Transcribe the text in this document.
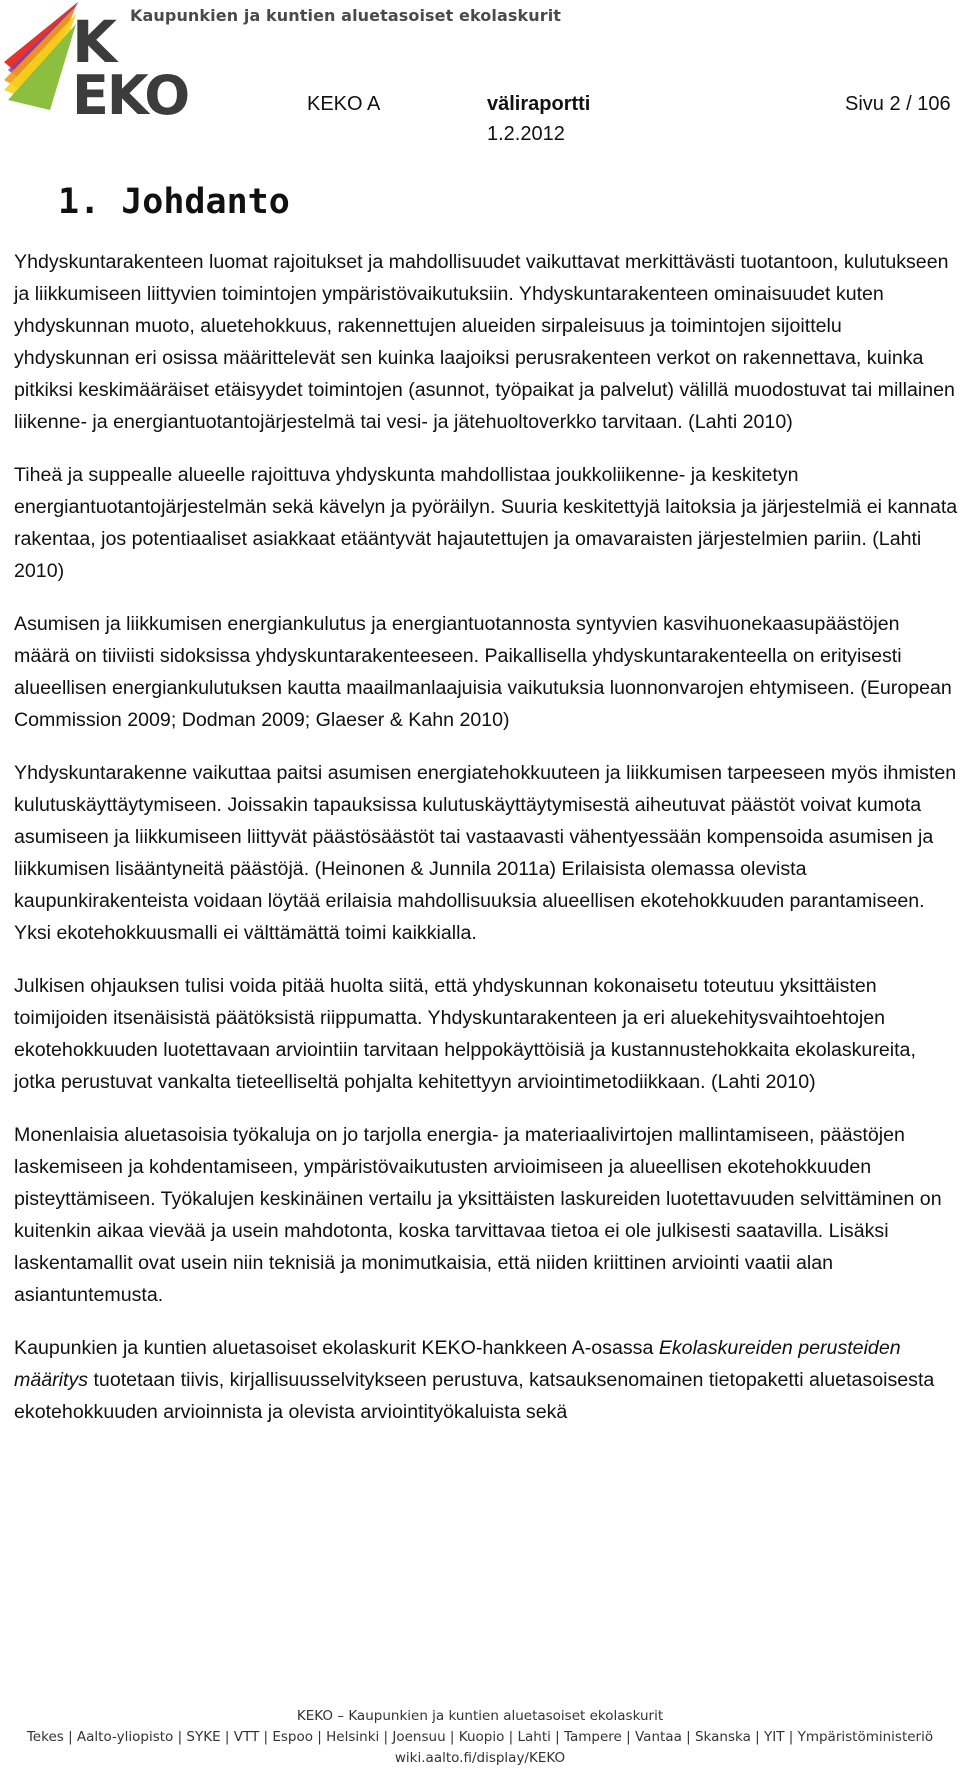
K
EKO
Kaupunkien ja kuntien aluetasoiset ekolaskurit
KEKO A	väliraportti
1.2.2012
Sivu 2 / 106
1. Johdanto

Yhdyskuntarakenteen luomat rajoitukset ja mahdollisuudet vaikuttavat merkittävästi tuotantoon, kulutukseen ja liikkumiseen liittyvien toimintojen ympäristövaikutuksiin. Yhdyskuntarakenteen ominaisuudet kuten yhdyskunnan muoto, aluetehokkuus, rakennettujen alueiden sirpaleisuus ja toimintojen sijoittelu yhdyskunnan eri osissa määrittelevät sen kuinka laajoiksi perusrakenteen verkot on rakennettava, kuinka pitkiksi keskimääräiset etäisyydet toimintojen (asunnot, työpaikat ja palvelut) välillä muodostuvat tai millainen liikenne- ja energiantuotantojärjestelmä tai vesi- ja jätehuoltoverkko tarvitaan. (Lahti 2010)

Tiheä ja suppealle alueelle rajoittuva yhdyskunta mahdollistaa joukkoliikenne- ja keskitetyn energiantuotantojärjestelmän sekä kävelyn ja pyöräilyn. Suuria keskitettyjä laitoksia ja järjestelmiä ei kannata rakentaa, jos potentiaaliset asiakkaat etääntyvät hajautettujen ja omavaraisten järjestelmien pariin. (Lahti 2010)

Asumisen ja liikkumisen energiankulutus ja energiantuotannosta syntyvien kasvihuonekaasupäästöjen määrä on tiiviisti sidoksissa yhdyskuntarakenteeseen. Paikallisella yhdyskuntarakenteella on erityisesti alueellisen energiankulutuksen kautta maailmanlaajuisia vaikutuksia luonnonvarojen ehtymiseen. (European Commission 2009; Dodman 2009; Glaeser & Kahn 2010)

Yhdyskuntarakenne vaikuttaa paitsi asumisen energiatehokkuuteen ja liikkumisen tarpeeseen myös ihmisten kulutuskäyttäytymiseen. Joissakin tapauksissa kulutuskäyttäytymisestä aiheutuvat päästöt voivat kumota asumiseen ja liikkumiseen liittyvät päästösäästöt tai vastaavasti vähentyessään kompensoida asumisen ja liikkumisen lisääntyneitä päästöjä. (Heinonen & Junnila 2011a) Erilaisista olemassa olevista kaupunkirakenteista voidaan löytää erilaisia mahdollisuuksia alueellisen ekotehokkuuden parantamiseen. Yksi ekotehokkuusmalli ei välttämättä toimi kaikkialla.

Julkisen ohjauksen tulisi voida pitää huolta siitä, että yhdyskunnan kokonaisetu toteutuu yksittäisten toimijoiden itsenäisistä päätöksistä riippumatta. Yhdyskuntarakenteen ja eri aluekehitysvaihtoehtojen ekotehokkuuden luotettavaan arviointiin tarvitaan helppokäyttöisiä ja kustannustehokkaita ekolaskureita, jotka perustuvat vankalta tieteelliseltä pohjalta kehitettyyn arviointimetodiikkaan. (Lahti 2010)

Monenlaisia aluetasoisia työkaluja on jo tarjolla energia- ja materiaalivirtojen mallintamiseen, päästöjen laskemiseen ja kohdentamiseen, ympäristövaikutusten arvioimiseen ja alueellisen ekotehokkuuden pisteyttämiseen. Työkalujen keskinäinen vertailu ja yksittäisten laskureiden luotettavuuden selvittäminen on kuitenkin aikaa vievää ja usein mahdotonta, koska tarvittavaa tietoa ei ole julkisesti saatavilla. Lisäksi laskentamallit ovat usein niin teknisiä ja monimutkaisia, että niiden kriittinen arviointi vaatii alan asiantuntemusta.

Kaupunkien ja kuntien aluetasoiset ekolaskurit KEKO-hankkeen A-osassa Ekolaskureiden perusteiden määritys tuotetaan tiivis, kirjallisuusselvitykseen perustuva, katsauksenomainen tietopaketti aluetasoisesta ekotehokkuuden arvioinnista ja olevista arviointityökaluista sekä

KEKO – Kaupunkien ja kuntien aluetasoiset ekolaskurit
Tekes | Aalto-yliopisto | SYKE | VTT | Espoo | Helsinki | Joensuu | Kuopio | Lahti | Tampere | Vantaa | Skanska | YIT | Ympäristöministeriö
wiki.aalto.fi/display/KEKO
